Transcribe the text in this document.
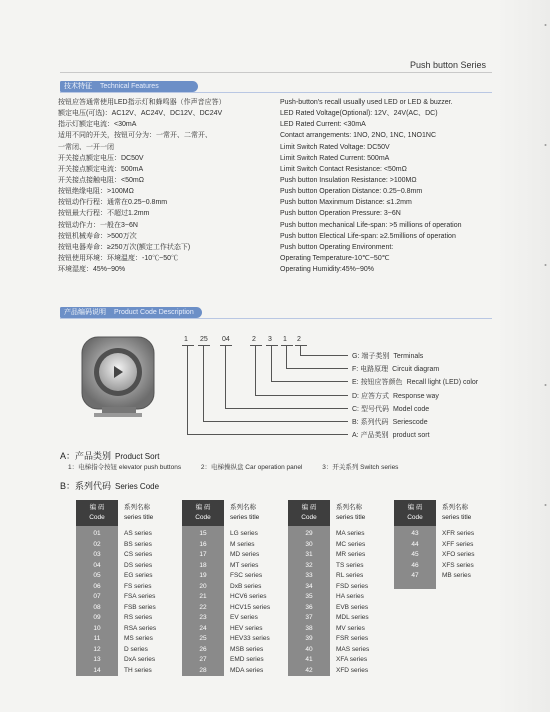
Push button Series
技术特征 Technical Features
按钮应答通常使用LED指示灯和蜂鸣器（作声音应答）
额定电压(可选)：AC12V、AC24V、DC12V、DC24V
指示灯额定电流：<30mA
适用不同的开关，按钮可分为：一常开、二常开、
一常闭、一开一闭
开关接点额定电压：DC50V
开关接点额定电流：500mA
开关接点接触电阻：<50mΩ
按钮绝缘电阻：>100MΩ
按钮动作行程：通常在0.25~0.8mm
按钮最大行程：不超过1.2mm
按钮动作力：一般在3~6N
按钮机械寿命：>500万次
按钮电器寿命：≥250万次(额定工作状态下)
按钮使用环境：环境温度：-10℃~50℃
环境湿度：45%~90%
Push-button's recall usually used LED or LED & buzzer.
LED Rated Voltage(Optional): 12V、24V(AC、DC)
LED Rated Current: <30mA
Contact arrangements: 1NO, 2NO, 1NC, 1NO1NC
Limit Switch Rated Voltage: DC50V
Limit Switch Rated Current: 500mA
Limit Switch Contact Resistance: <50mΩ
Push button Insulation Resistance: >100MΩ
Push button Operation Distance: 0.25~0.8mm
Push button Maxinmum Distance: ≤1.2mm
Push button Operation Pressure: 3~6N
Push button mechanical Life-span: >5 millions of operation
Push button Electical Life-span: ≥2.5millions of operation
Push button Operating Environment:
Operating Temperature-10℃~50℃
Operating Humidity:45%~90%
产品编码说明 Product Code Description
1 25 04	2 3 1 2
G: 端子类别 Terminals
F: 电路原理 Circuit diagram
E: 按钮应答颜色 Recall light (LED) color
D: 应答方式 Response way
C: 型号代码 Model code
B: 系列代码 Seriescode
A: 产品类别 product sort
A：产品类别 Product Sort
1：电梯指令按钮 elevator push buttons	2：电梯操纵盘 Car operation panel	3：开关系列 Switch series
B：系列代码 Series Code
编 码
Code
系列名称
series title
01	AS series
02	BS series
03	CS series
04	DS series
05	EG series
06	FS series
07	FSA series
08	FSB series
09	RS series
10	RSA series
11	MS series
12	D series
13	DxA series
14	TH series
编 码
Code
系列名称
series title
15	LG series
16	M series
17	MD series
18	MT series
19	FSC series
20	DxB series
21	HCV6 series
22	HCV15 series
23	EV series
24	HEV series
25	HEV33 series
26	MSB series
27	EMD series
28	MDA series
编 码
Code
系列名称
series title
29	MA series
30	MC series
31	MR series
32	TS series
33	RL series
34	FSD series
35	HA series
36	EVB series
37	MDL series
38	MV series
39	FSR series
40	MAS series
41	XFA series
42	XFD series
编 码
Code
系列名称
series title
43	XFR series
44	XFF series
45	XFO series
46	XFS series
47	MB series
